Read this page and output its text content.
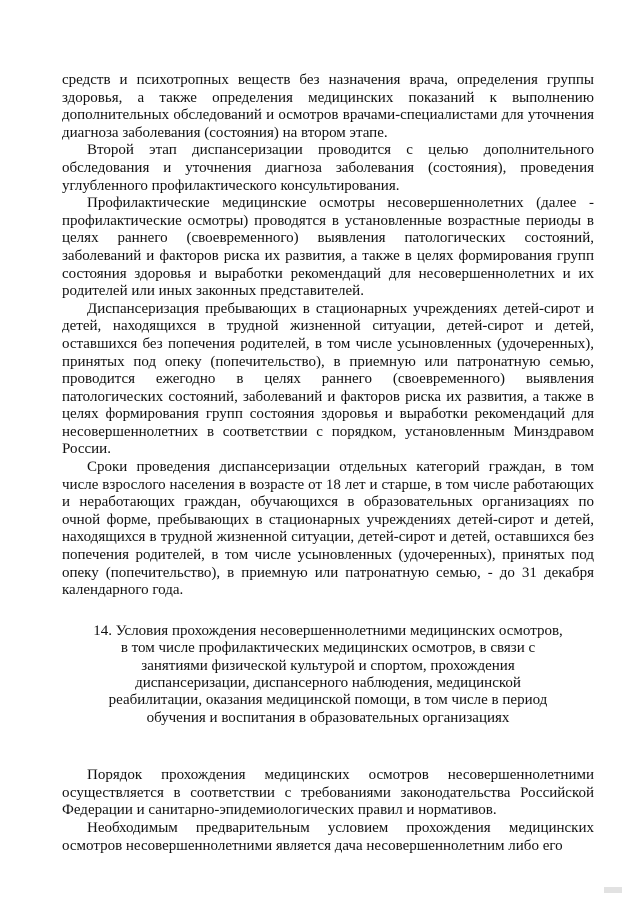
средств и психотропных веществ без назначения врача, определения группы здоровья, а также определения медицинских показаний к выполнению дополнительных обследований и осмотров врачами-специалистами для уточнения диагноза заболевания (состояния) на втором этапе.

Второй этап диспансеризации проводится с целью дополнительного обследования и уточнения диагноза заболевания (состояния), проведения углубленного профилактического консультирования.

Профилактические медицинские осмотры несовершеннолетних (далее - профилактические осмотры) проводятся в установленные возрастные периоды в целях раннего (своевременного) выявления патологических состояний, заболеваний и факторов риска их развития, а также в целях формирования групп состояния здоровья и выработки рекомендаций для несовершеннолетних и их родителей или иных законных представителей.

Диспансеризация пребывающих в стационарных учреждениях детей-сирот и детей, находящихся в трудной жизненной ситуации, детей-сирот и детей, оставшихся без попечения родителей, в том числе усыновленных (удочеренных), принятых под опеку (попечительство), в приемную или патронатную семью, проводится ежегодно в целях раннего (своевременного) выявления патологических состояний, заболеваний и факторов риска их развития, а также в целях формирования групп состояния здоровья и выработки рекомендаций для несовершеннолетних в соответствии с порядком, установленным Минздравом России.

Сроки проведения диспансеризации отдельных категорий граждан, в том числе взрослого населения в возрасте от 18 лет и старше, в том числе работающих и неработающих граждан, обучающихся в образовательных организациях по очной форме, пребывающих в стационарных учреждениях детей-сирот и детей, находящихся в трудной жизненной ситуации, детей-сирот и детей, оставшихся без попечения родителей, в том числе усыновленных (удочеренных), принятых под опеку (попечительство), в приемную или патронатную семью, - до 31 декабря календарного года.

14. Условия прохождения несовершеннолетними медицинских осмотров, в том числе профилактических медицинских осмотров, в связи с занятиями физической культурой и спортом, прохождения диспансеризации, диспансерного наблюдения, медицинской реабилитации, оказания медицинской помощи, в том числе в период обучения и воспитания в образовательных организациях

Порядок прохождения медицинских осмотров несовершеннолетними осуществляется в соответствии с требованиями законодательства Российской Федерации и санитарно-эпидемиологических правил и нормативов.

Необходимым предварительным условием прохождения медицинских осмотров несовершеннолетними является дача несовершеннолетним либо его
